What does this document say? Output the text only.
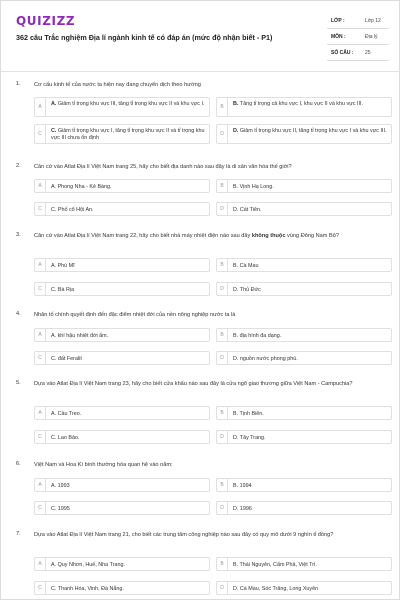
QUIZIZZ
362 câu Trắc nghiệm Địa lí ngành kinh tế có đáp án (mức độ nhận biết - P1)
LỚP :	Lớp 12
MÔN :	Địa lý
SỐ CÂU : 25
1. Cơ cấu kinh tế của nước ta hiện nay đang chuyển dịch theo hướng
A	A. Giảm tỉ trọng khu vực III, tăng tỉ trọng khu vực II và khu vực I.	B	B. Tăng tỉ trọng cả khu vực I, khu vực II và khu vực III.
C	C. Giảm tỉ trọng khu vực I, tăng tỉ trọng khu vực II và tỉ trọng khu vực III chưa ổn định
D	D. Giảm tỉ trọng khu vực II, tăng tỉ trọng khu vực I và khu vực III.
2. Căn cứ vào Atlat Địa lí Việt Nam trang 25, hãy cho biết địa danh nào sau đây là di sản văn hóa thế giới?
A	A. Phong Nha - Kẻ Bàng.	B	B. Vịnh Hạ Long.
C	C. Phố cổ Hội An.	D	D. Cát Tiên.
3. Căn cứ vào Atlat Địa lí Việt Nam trang 22, hãy cho biết nhà máy nhiệt điện nào sau đây không thuộc vùng Đông Nam Bộ?
A	A. Phú Mĩ	B	B. Cà Mau
C	C. Bà Rịa	D	D. Thủ Đức
4. Nhân tố chính quyết định đến đặc điểm nhiệt đới của nền nông nghiệp nước ta là
A	A. khí hậu nhiệt đới ẩm.	B	B. địa hình đa dạng.
C	C. đất Feralit	D	D. nguồn nước phong phú.
5. Dựa vào Atlat Địa lí Việt Nam trang 23, hãy cho biết cửa khẩu nào sau đây là cửa ngõ giao thương giữa Việt Nam - Campuchia?
A	A. Cầu Treo.	B	B. Tịnh Biên.
C	C. Lao Bảo.	D	D. Tây Trang.
6. Việt Nam và Hoa Kì bình thường hóa quan hệ vào năm:
A	A. 1993	B	B. 1994
C	C. 1995	D	D. 1996
7. Dựa vào Atlat Địa lí Việt Nam trang 21, cho biết các trung tâm công nghiệp nào sau đây có quy mô dưới 9 nghìn tỉ đồng?
A	A. Quy Nhơn, Huế, Nha Trang.	B	B. Thái Nguyên, Cẩm Phả, Việt Trì.
C	C. Thanh Hóa, Vinh, Đà Nẵng.	D	D. Cà Mau, Sóc Trăng, Long Xuyên
